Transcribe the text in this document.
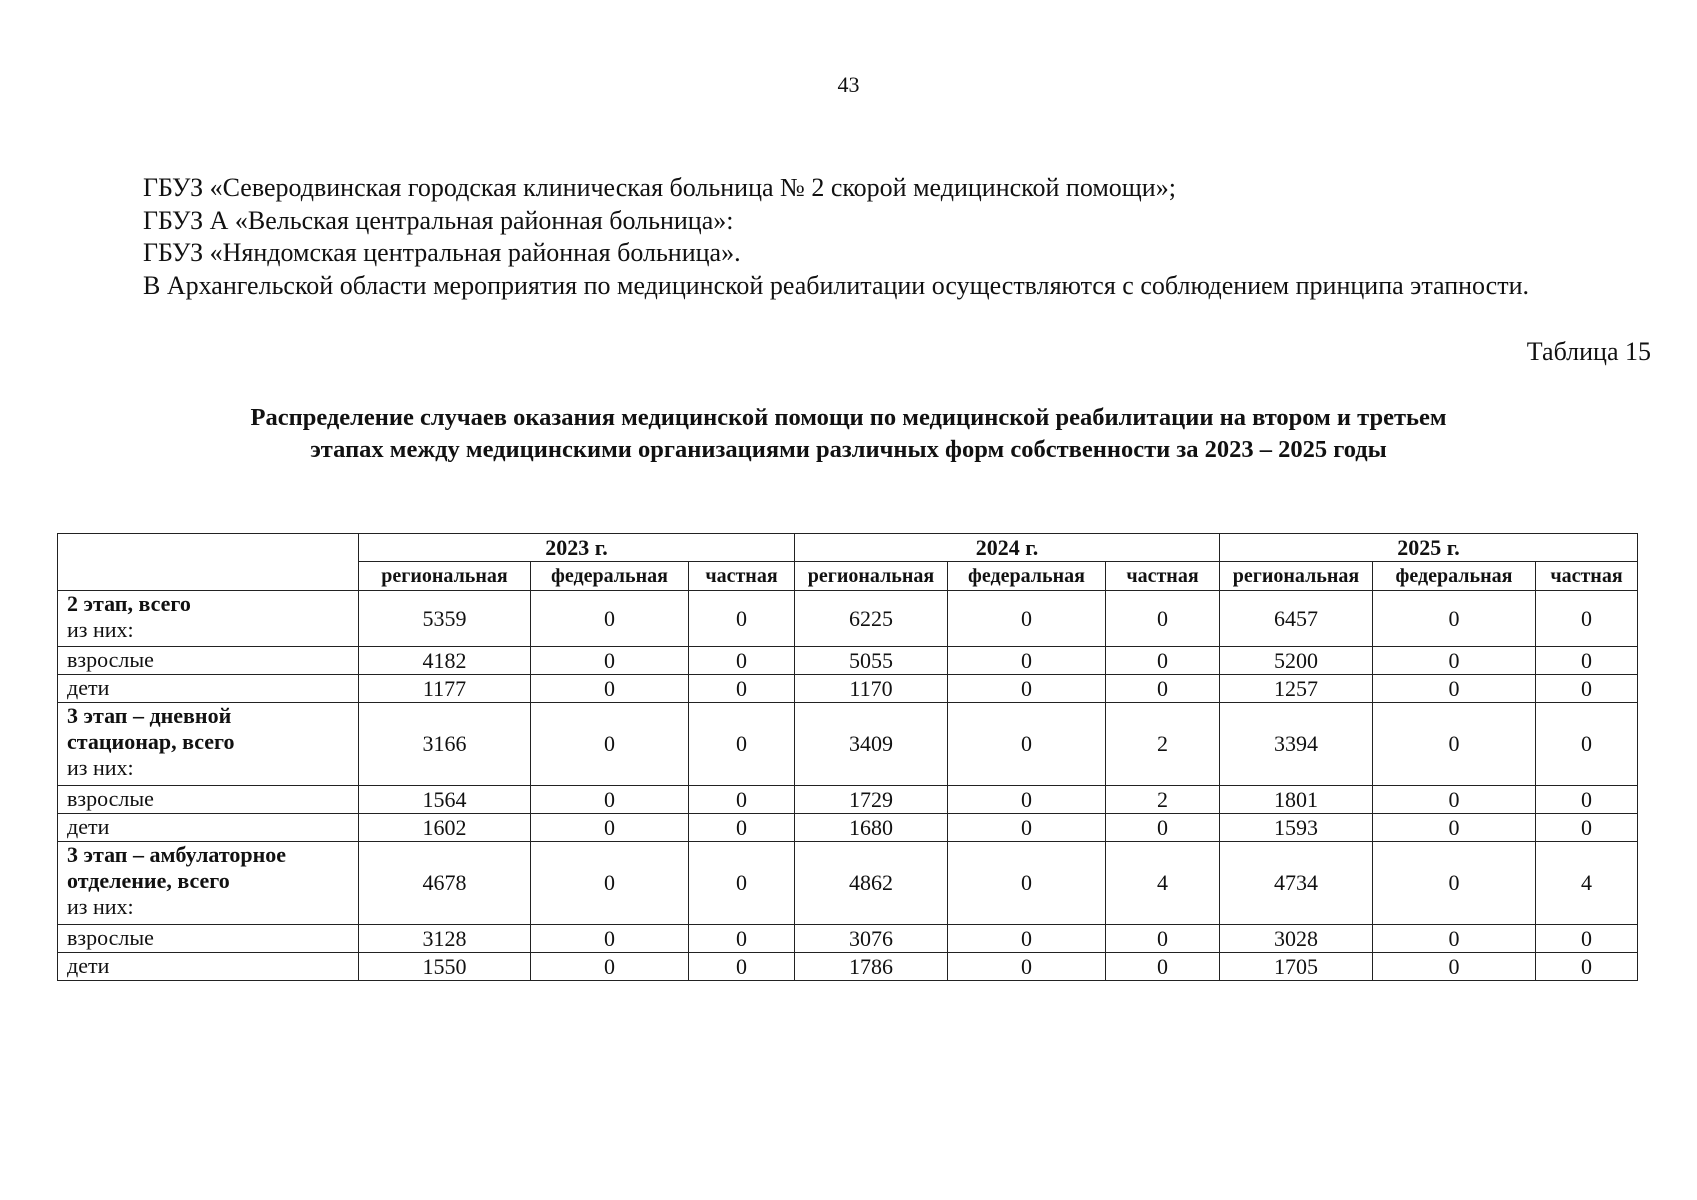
43

ГБУЗ «Северодвинская городская клиническая больница № 2 скорой медицинской помощи»;

ГБУЗ А «Вельская центральная районная больница»:

ГБУЗ «Няндомская центральная районная больница».

В Архангельской области мероприятия по медицинской реабилитации осуществляются с соблюдением принципа этапности.

Таблица 15
Распределение случаев оказания медицинской помощи по медицинской реабилитации на втором и третьем
этапах между медицинскими организациями различных форм собственности за 2023 – 2025 годы
	2023 г.			2024 г.			2025 г.		
	региональная	федеральная	частная	региональная	федеральная	частная	региональная	федеральная	частная

2 этап, всего
из них:	5359	0	0	6225	0	0	6457	0	0
взрослые	4182	0	0	5055	0	0	5200	0	0
дети	1177	0	0	1170	0	0	1257	0	0

3 этап – дневной
стационар, всего
из них:	3166	0	0	3409	0	2	3394	0	0
взрослые	1564	0	0	1729	0	2	1801	0	0
дети	1602	0	0	1680	0	0	1593	0	0

3 этап – амбулаторное
отделение, всего
из них:	4678	0	0	4862	0	4	4734	0	4
взрослые	3128	0	0	3076	0	0	3028	0	0
дети	1550	0	0	1786	0	0	1705	0	0
